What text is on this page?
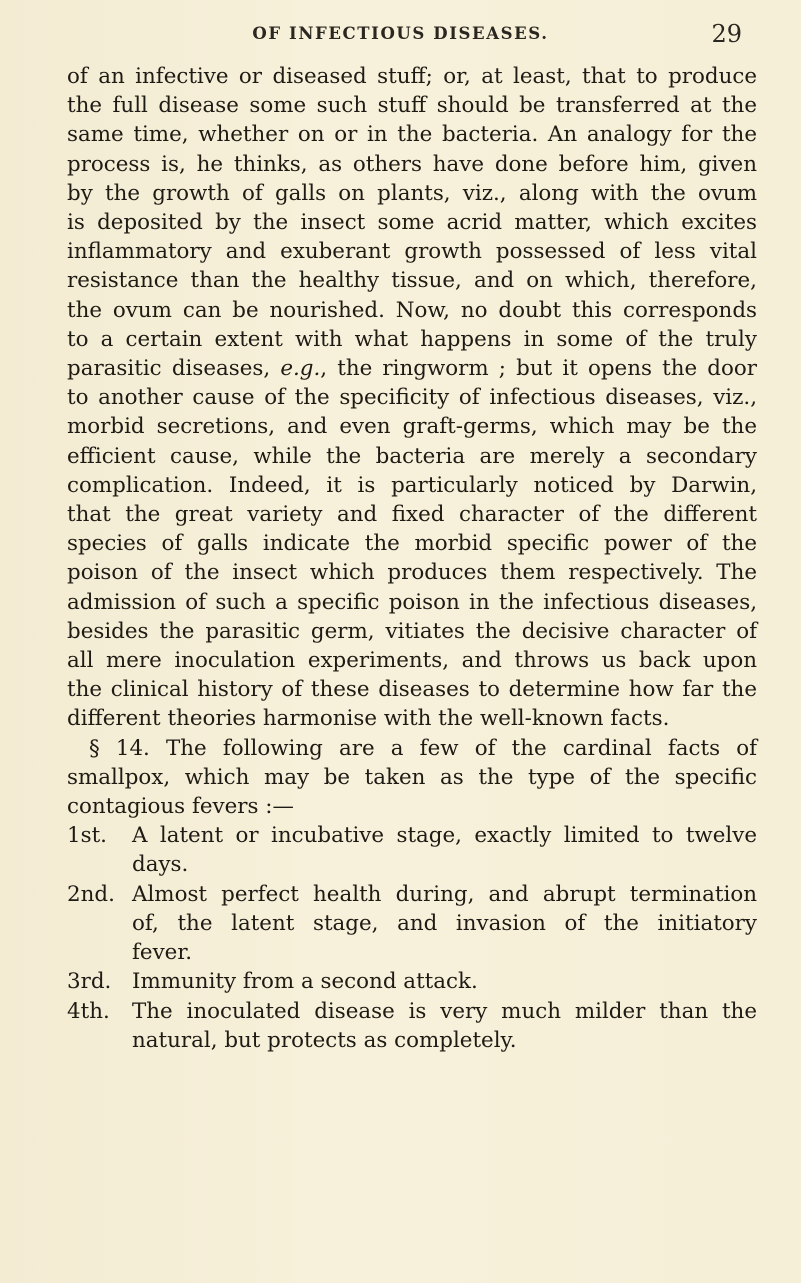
OF INFECTIOUS DISEASES.	29
of an infective or diseased stuff; or, at least, that to produce
the full disease some such stuff should be transferred at the
same time, whether on or in the bacteria. An analogy for the
process is, he thinks, as others have done before him, given
by the growth of galls on plants, viz., along with the ovum
is deposited by the insect some acrid matter, which excites
inflammatory and exuberant growth possessed of less vital
resistance than the healthy tissue, and on which, therefore,
the ovum can be nourished. Now, no doubt this corresponds
to a certain extent with what happens in some of the truly
parasitic diseases, e.g., the ringworm ; but it opens the door
to another cause of the specificity of infectious diseases, viz.,
morbid secretions, and even graft-germs, which may be the
efficient cause, while the bacteria are merely a secondary
complication. Indeed, it is particularly noticed by Darwin,
that the great variety and fixed character of the different
species of galls indicate the morbid specific power of the
poison of the insect which produces them respectively. The
admission of such a specific poison in the infectious diseases,
besides the parasitic germ, vitiates the decisive character of
all mere inoculation experiments, and throws us back upon
the clinical history of these diseases to determine how far the
different theories harmonise with the well-known facts.
§ 14. The following are a few of the cardinal facts of
smallpox, which may be taken as the type of the specific
contagious fevers :—
1st. A latent or incubative stage, exactly limited to twelve
days.
2nd. Almost perfect health during, and abrupt termination
of, the latent stage, and invasion of the initiatory
fever.
3rd. Immunity from a second attack.
4th. The inoculated disease is very much milder than the
natural, but protects as completely.
